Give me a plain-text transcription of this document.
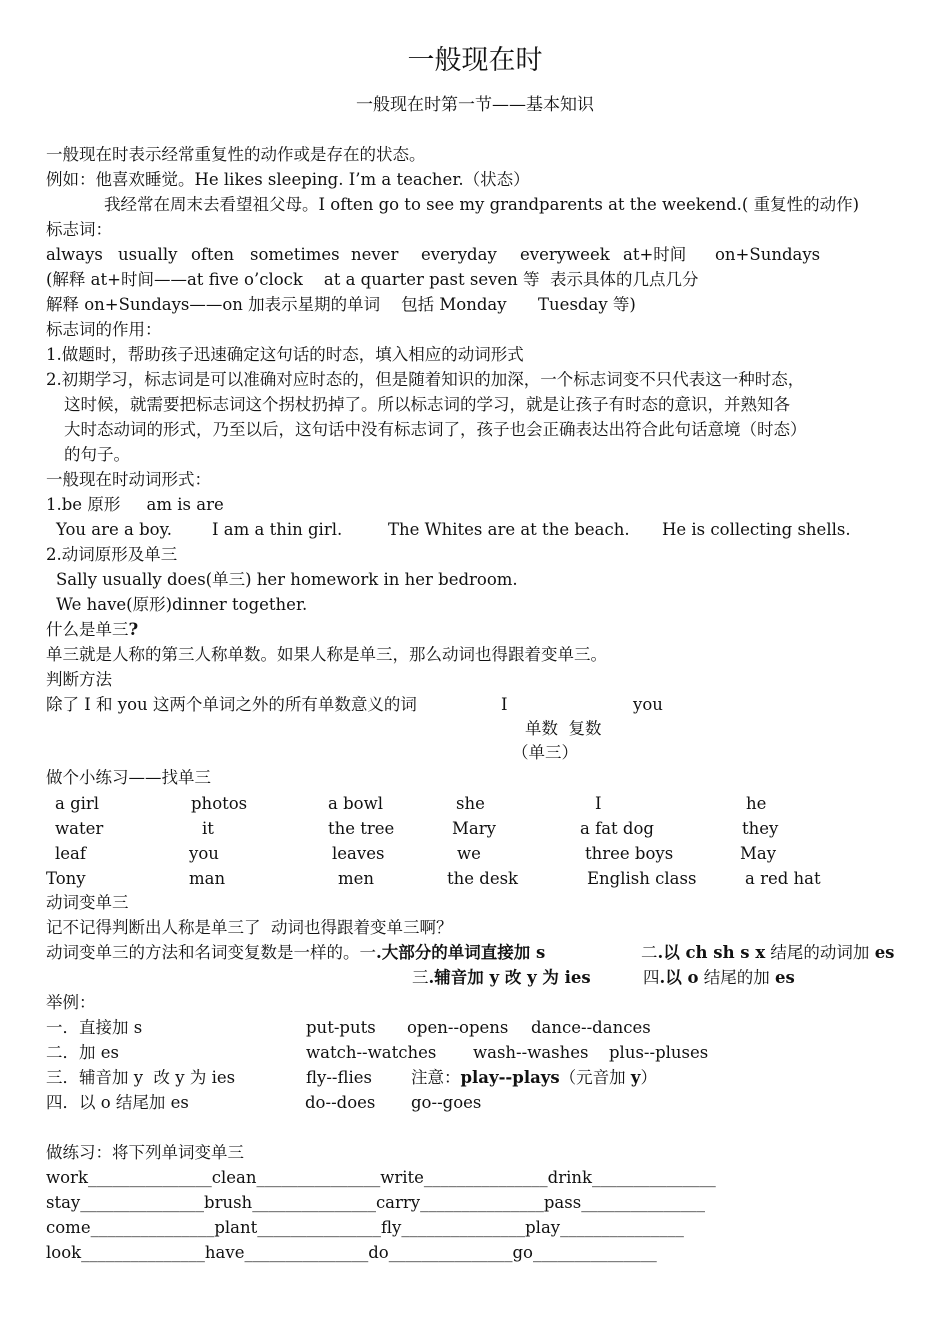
一般现在时
一般现在时第一节——基本知识
一般现在时表示经常重复性的动作或是存在的状态。
例如：他喜欢睡觉。He likes sleeping. I’m a teacher.（状态）
我经常在周末去看望祖父母。I often go to see my grandparents at the weekend.( 重复性的动作)
标志词：
always usually often sometimes never everyday everyweek at+时间 on+Sundays
(解释 at+时间——at five o’clock    at a quarter past seven 等  表示具体的几点几分
解释 on+Sundays——on 加表示星期的单词    包括 Monday      Tuesday 等)
标志词的作用：
1.做题时，帮助孩子迅速确定这句话的时态，填入相应的动词形式
2.初期学习，标志词是可以准确对应时态的，但是随着知识的加深，一个标志词变不只代表这一种时态，
这时候，就需要把标志词这个拐杖扔掉了。所以标志词的学习，就是让孩子有时态的意识，并熟知各
大时态动词的形式，乃至以后，这句话中没有标志词了，孩子也会正确表达出符合此句话意境（时态）
的句子。
一般现在时动词形式：
1.be 原形     am is are
You are a boy. I am a thin girl.	The Whites are at the beach. He is collecting shells.
2.动词原形及单三
Sally usually does(单三) her homework in her bedroom.
We have(原形)dinner together.
什么是单三?
单三就是人称的第三人称单数。如果人称是单三，那么动词也得跟着变单三。
判断方法
除了 I 和 you 这两个单词之外的所有单数意义的词	I	you
单数  复数
（单三）
做个小练习——找单三
a girl	photos	a bowl	she	I	he
water	it	the tree	Mary	a fat dog	they
leaf	you	leaves	we	three boys	May
Tony	man	men	the desk	English class	a red hat
动词变单三
记不记得判断出人称是单三了  动词也得跟着变单三啊？
动词变单三的方法和名词变复数是一样的。一.大部分的单词直接加 s	二.以 ch sh s x 结尾的动词加 es
三.辅音加 y 改 y 为 ies	四.以 o 结尾的加 es
举例：
一．直接加 s	put-puts open--opens dance--dances
二．加 es	watch--watches wash--washes plus--pluses
三．辅音加 y  改 y 为 ies	fly--flies 注意：play--plays（元音加 y）
四．以 o 结尾加 es	do--does go--goes
做练习：将下列单词变单三
work_______________clean_______________write_______________drink_______________
stay_______________brush_______________carry_______________pass_______________
come_______________plant_______________fly_______________play_______________
look_______________have_______________do_______________go_______________
